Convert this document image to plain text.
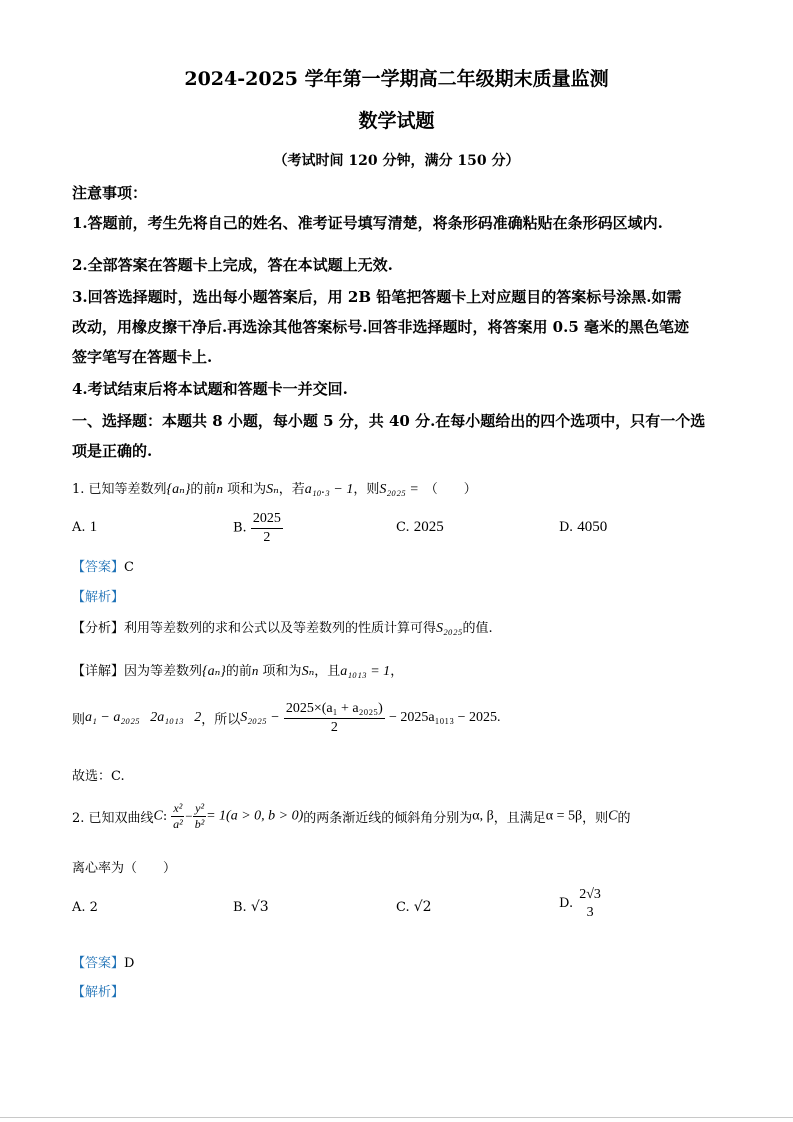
2024-2025 学年第一学期高二年级期末质量监测
数学试题
（考试时间 120 分钟，满分 150 分）
注意事项：
1.答题前，考生先将自己的姓名、准考证号填写清楚，将条形码准确粘贴在条形码区域内.
2.全部答案在答题卡上完成，答在本试题上无效.
3.回答选择题时，选出每小题答案后，用 2B 铅笔把答题卡上对应题目的答案标号涂黑.如需
改动，用橡皮擦干净后.再选涂其他答案标号.回答非选择题时，将答案用 0.5 毫米的黑色笔迹
签字笔写在答题卡上.
4.考试结束后将本试题和答题卡一并交回.
一、选择题：本题共 8 小题，每小题 5 分，共 40 分.在每小题给出的四个选项中，只有一个选
项是正确的.
1. 已知等差数列{aₙ}的前n 项和为Sₙ，若a₁₀.₃ − 1，则S₂₀₂₅ = （　　）
A. 1	B. $\frac{2025}{2}$	C. 2025	D. 4050
【答案】C
【解析】
【分析】利用等差数列的求和公式以及等差数列的性质计算可得S₂₀₂₅的值.
【详解】因为等差数列{aₙ}的前n 项和为Sₙ，且a₁₀₁₃ = 1，
则a₁ − a₂₀₂₅   2a₁₀₁₃   2，所以$S_{2025} - \frac{\text{2025×(a₁ + a₂₀₂₅)}}{2} - 2025a_{1013} - 2025$.
故选：C.
2. 已知双曲线C: $\frac{\text{x²}}{\text{a²}} - \frac{\text{y²}}{\text{b²}} = 1(a > 0$, b > 0)的两条渐近线的倾斜角分别为α, β，且满足α = 5β，则C的
离心率为（　　）
A. 2	B. √3	C. √2	D.
2√3
3
【答案】D
【解析】
